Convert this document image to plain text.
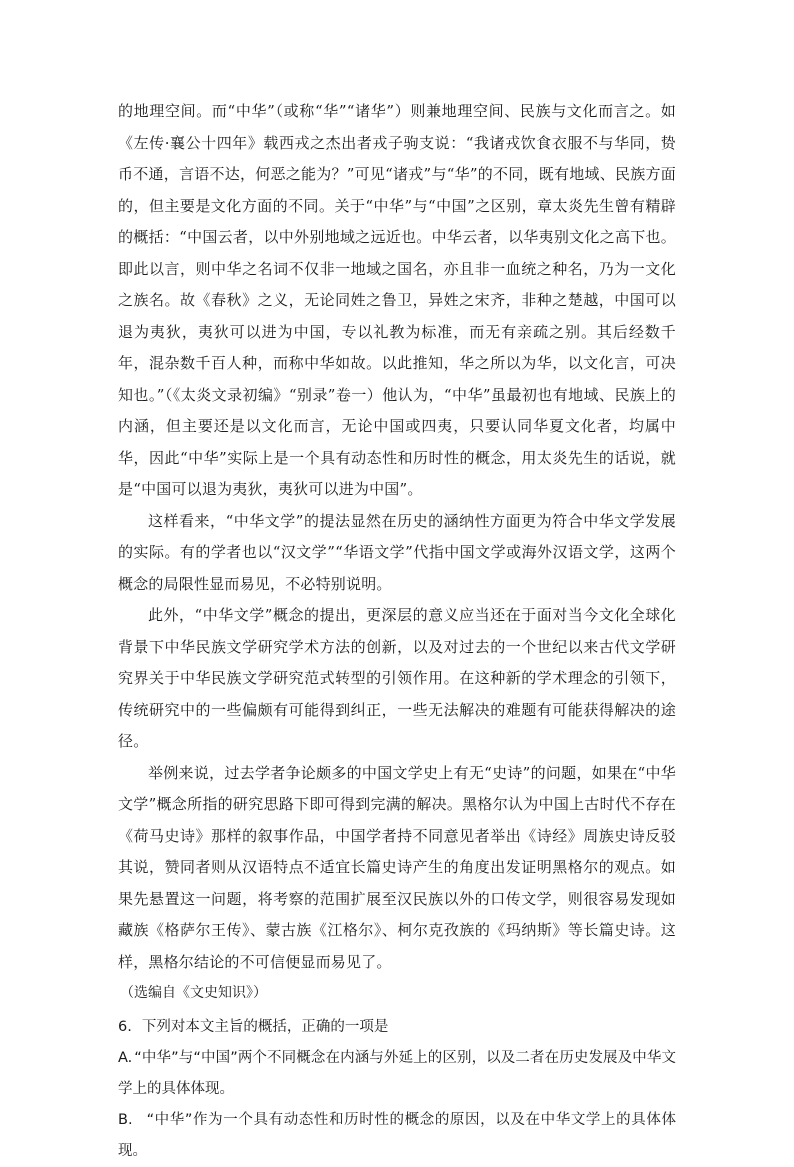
的地理空间。而“中华”（或称“华”“诸华”）则兼地理空间、民族与文化而言之。如《左传·襄公十四年》载西戎之杰出者戎子驹支说：“我诸戎饮食衣服不与华同，贽币不通，言语不达，何恶之能为？”可见“诸戎”与“华”的不同，既有地域、民族方面的，但主要是文化方面的不同。关于“中华”与“中国”之区别，章太炎先生曾有精辟的概括：“中国云者，以中外别地域之远近也。中华云者，以华夷别文化之高下也。即此以言，则中华之名词不仅非一地域之国名，亦且非一血统之种名，乃为一文化之族名。故《春秋》之义，无论同姓之鲁卫，异姓之宋齐，非种之楚越，中国可以退为夷狄，夷狄可以进为中国，专以礼教为标准，而无有亲疏之别。其后经数千年，混杂数千百人种，而称中华如故。以此推知，华之所以为华，以文化言，可决知也。”（《太炎文录初编》“别录”卷一）他认为，“中华”虽最初也有地域、民族上的内涵，但主要还是以文化而言，无论中国或四夷，只要认同华夏文化者，均属中华，因此“中华”实际上是一个具有动态性和历时性的概念，用太炎先生的话说，就是“中国可以退为夷狄，夷狄可以进为中国”。

这样看来，“中华文学”的提法显然在历史的涵纳性方面更为符合中华文学发展的实际。有的学者也以“汉文学”“华语文学”代指中国文学或海外汉语文学，这两个概念的局限性显而易见，不必特别说明。

此外，“中华文学”概念的提出，更深层的意义应当还在于面对当今文化全球化背景下中华民族文学研究学术方法的创新，以及对过去的一个世纪以来古代文学研究界关于中华民族文学研究范式转型的引领作用。在这种新的学术理念的引领下，传统研究中的一些偏颇有可能得到纠正，一些无法解决的难题有可能获得解决的途径。

举例来说，过去学者争论颇多的中国文学史上有无“史诗”的问题，如果在“中华文学”概念所指的研究思路下即可得到完满的解决。黑格尔认为中国上古时代不存在《荷马史诗》那样的叙事作品，中国学者持不同意见者举出《诗经》周族史诗反驳其说，赞同者则从汉语特点不适宜长篇史诗产生的角度出发证明黑格尔的观点。如果先悬置这一问题，将考察的范围扩展至汉民族以外的口传文学，则很容易发现如藏族《格萨尔王传》、蒙古族《江格尔》、柯尔克孜族的《玛纳斯》等长篇史诗。这样，黑格尔结论的不可信便显而易见了。

（选编自《文史知识》）

6. 下列对本文主旨的概括，正确的一项是

A. “中华”与“中国”两个不同概念在内涵与外延上的区别，以及二者在历史发展及中华文学上的具体体现。

B. “中华”作为一个具有动态性和历时性的概念的原因，以及在中华文学上的具体体现。
